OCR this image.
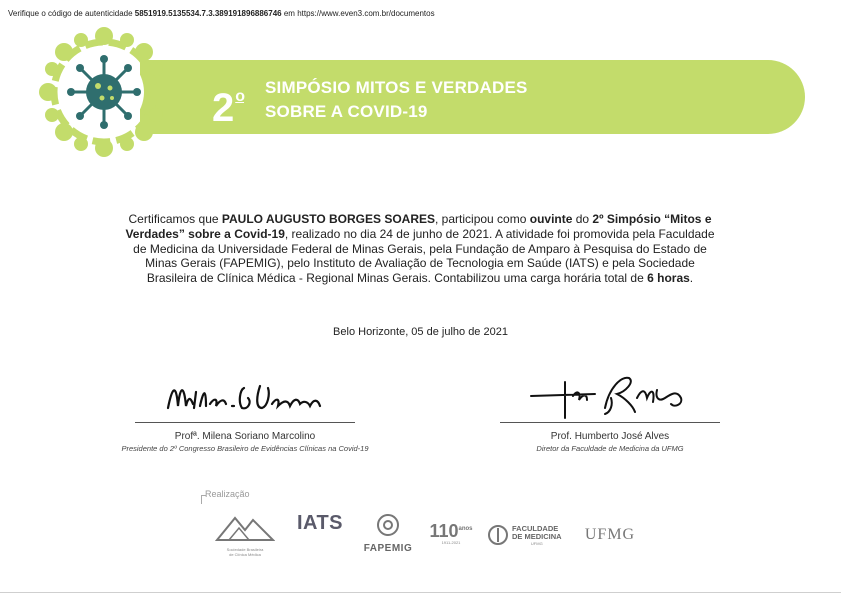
Verifique o código de autenticidade 5851919.5135534.7.3.389191896886746 em https://www.even3.com.br/documentos
2 $^o$ SIMPÓSIO MITOS E VERDADES
SOBRE A COVID-19
Certificamos que PAULO AUGUSTO BORGES SOARES, participou como ouvinte do 2º Simpósio “Mitos e Verdades” sobre a Covid-19, realizado no dia 24 de junho de 2021. A atividade foi promovida pela Faculdade de Medicina da Universidade Federal de Minas Gerais, pela Fundação de Amparo à Pesquisa do Estado de Minas Gerais (FAPEMIG), pelo Instituto de Avaliação de Tecnologia em Saúde (IATS) e pela Sociedade Brasileira de Clínica Médica - Regional Minas Gerais. Contabilizou uma carga horária total de 6 horas.
Belo Horizonte, 05 de julho de 2021
Profª. Milena Soriano Marcolino
Presidente do 2º Congresso Brasileiro de Evidências Clínicas na Covid-19
Prof. Humberto José Alves
Diretor da Faculdade de Medicina da UFMG
Realização
Sociedade Brasileira
de Clínica Médica
IATS
FAPEMIG
$110^{anos}$
1911-2021
FACULDADE
DE MEDICINA
UFMG	UFMG
